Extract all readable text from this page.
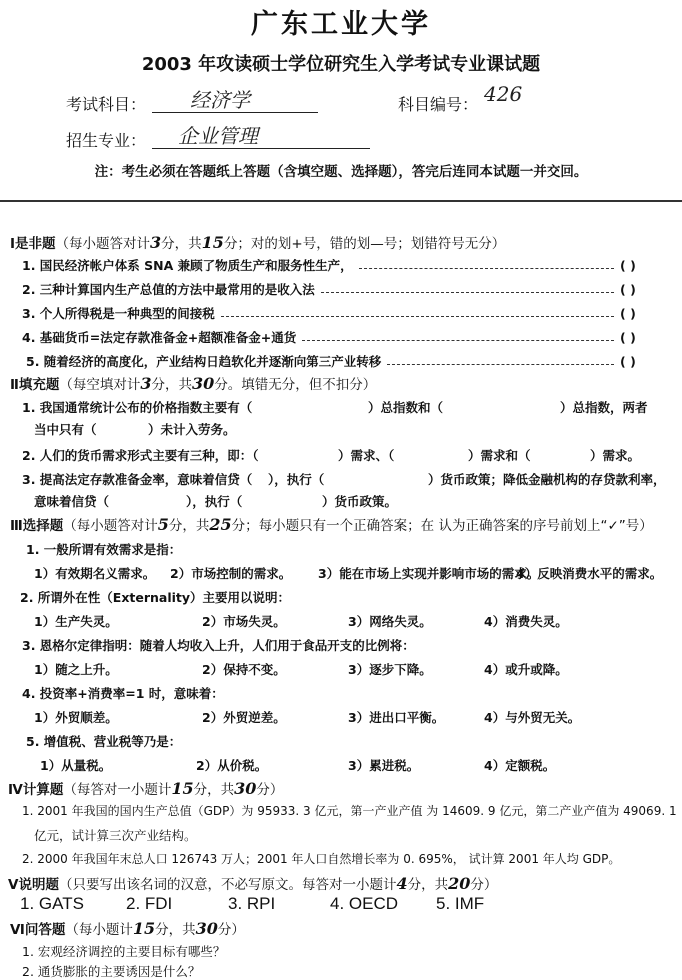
广东工业大学
2003 年攻读硕士学位研究生入学考试专业课试题
考试科目： 经济学	科目编号： 426
招生专业： 企业管理
注：考生必须在答题纸上答题（含填空题、选择题），答完后连同本试题一并交回。
Ⅰ是非题（每小题答对计3分，共15分；对的划+号，错的划—号；划错符号无分）
1. 国民经济帐户体系 SNA 兼顾了物质生产和服务性生产，	( )
2. 三种计算国内生产总值的方法中最常用的是收入法	( )
3. 个人所得税是一种典型的间接税	( )
4. 基础货币=法定存款准备金+超额准备金+通货	( )
5. 随着经济的高度化，产业结构日趋软化并逐渐向第三产业转移	( )
Ⅱ填充题（每空填对计3分，共30分。填错无分，但不扣分）
1. 我国通常统计公布的价格指数主要有（	）总指数和（	）总指数，两者
当中只有（	）未计入劳务。
2. 人们的货币需求形式主要有三种，即：（	）需求、（	）需求和（	）需求。
3. 提高法定存款准备金率，意味着信贷（ ），执行（	）货币政策；降低金融机构的存贷款利率，
意味着信贷（	），执行（	）货币政策。
Ⅲ选择题（每小题答对计5分，共25分；每小题只有一个正确答案；在 认为正确答案的序号前划上“✓”号）
1. 一般所谓有效需求是指：
1）有效期名义需求。 2）市场控制的需求。 3）能在市场上实现并影响市场的需求。
4）反映消费水平的需求。
2. 所谓外在性（Externality）主要用以说明：
1）生产失灵。	2）市场失灵。	3）网络失灵。	4）消费失灵。
3. 恩格尔定律指明：随着人均收入上升，人们用于食品开支的比例将：
1）随之上升。	2）保持不变。	3）逐步下降。	4）或升或降。
4. 投资率+消费率=1 时，意味着：
1）外贸顺差。	2）外贸逆差。	3）进出口平衡。	4）与外贸无关。
5. 增值税、营业税等乃是：
1）从量税。	2）从价税。	3）累进税。	4）定额税。
Ⅳ计算题（每答对一小题计15分，共30分）
1. 2001 年我国的国内生产总值（GDP）为 95933. 3 亿元，第一产业产值 为 14609. 9 亿元，第二产业产值为 49069. 1
亿元，试计算三次产业结构。
2. 2000 年我国年末总人口 126743 万人；2001 年人口自然增长率为 0. 695%， 试计算 2001 年人均 GDP。
Ⅴ说明题（只要写出该名词的汉意，不必写原文。每答对一小题计4分，共20分）
1. GATS 2. FDI	3. RPI	4. OECD 5. IMF
Ⅵ问答题（每小题计15分，共30分）
1. 宏观经济调控的主要目标有哪些？
2. 通货膨胀的主要诱因是什么？
